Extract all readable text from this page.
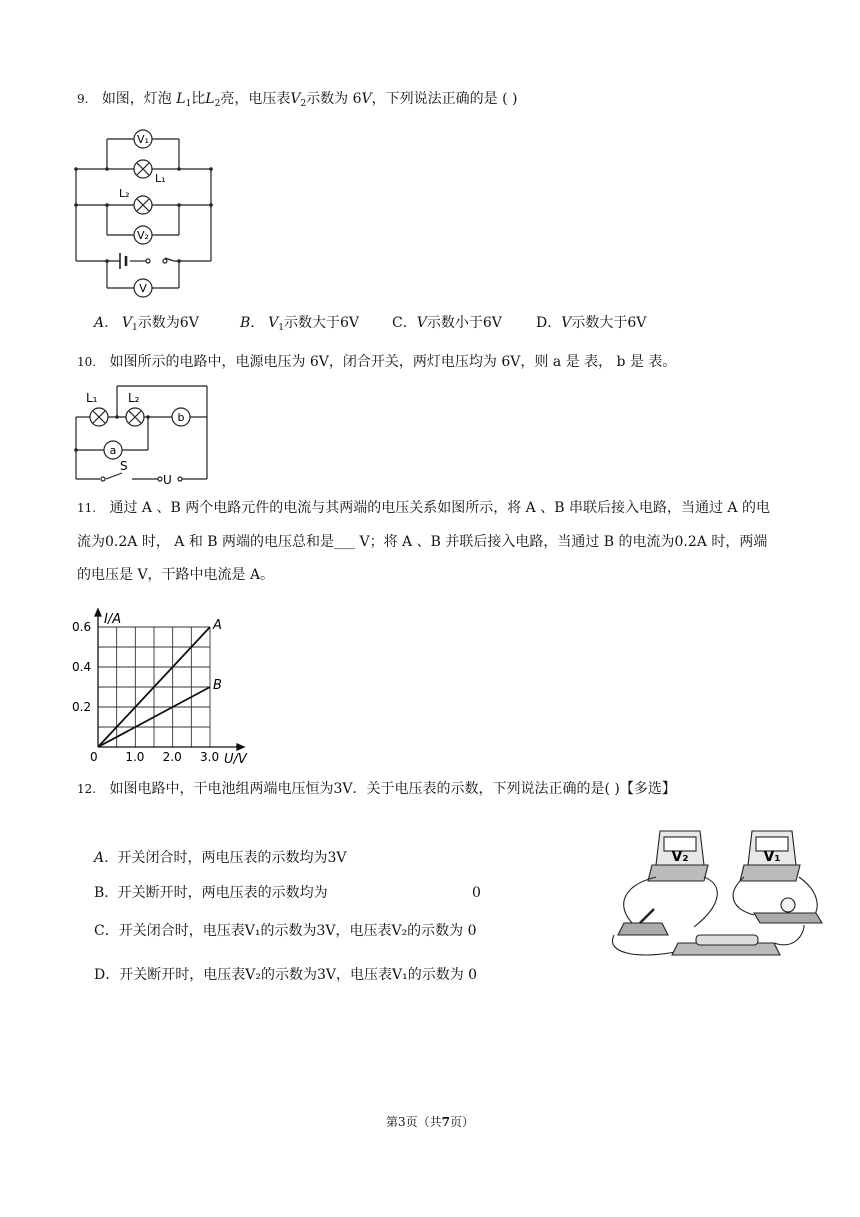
9. 如图，灯泡 $L_1$比$L_2$亮，电压表$V_2$示数为 6V，下列说法正确的是 ( )
V₁
L₁
L₂
V₂
V
A. $V_1$示数为6V	B. $V_1$示数大于6V C．V示数小于6V D．V示数大于6V
10. 如图所示的电路中，电源电压为 6V，闭合开关，两灯电压均为 6V，则 a 是 表， b 是 表。
L₁	L₂
a
b
S
U
11. 通过 A 、B 两个电路元件的电流与其两端的电压关系如图所示，将 A 、B 串联后接入电路，当通过 A 的电
流为0.2A 时， A 和 B 两端的电压总和是___ V；将 A 、B 并联后接入电路，当通过 B 的电流为0.2A 时，两端
的电压是 V，干路中电流是 A。
A
B
0 1.0 2.0 3.0
0.2
0.4
0.6
U/V
I/A
12. 如图电路中，干电池组两端电压恒为3V．关于电压表的示数，下列说法正确的是( )【多选】
A. 开关闭合时，两电压表的示数均为3V
B. 开关断开时，两电压表的示数均为	0
C．开关闭合时，电压表V₁的示数为3V，电压表V₂的示数为 0
D．开关断开时，电压表V₂的示数为3V，电压表V₁的示数为 0
V₂	V₁
第3页（共7页）
